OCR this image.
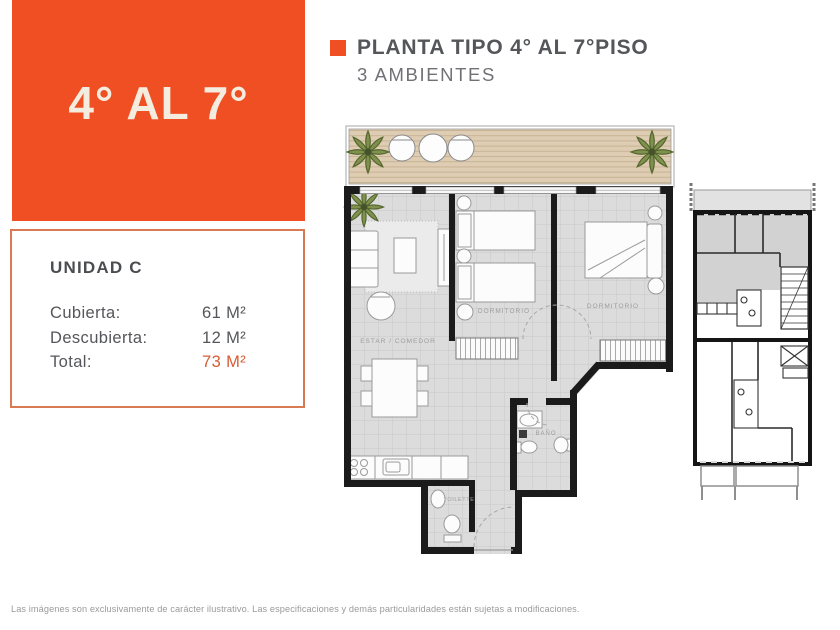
4° AL 7°
PLANTA TIPO 4° AL 7°PISO
3 AMBIENTES
UNIDAD C
Cubierta:	61 M²
Descubierta:	12 M²
Total:	73 M²
ESTAR / COMEDOR
DORMITORIO
DORMITORIO
BAÑO
TOILETTE
Las imágenes son exclusivamente de carácter ilustrativo. Las especificaciones y demás particularidades están sujetas a modificaciones.
